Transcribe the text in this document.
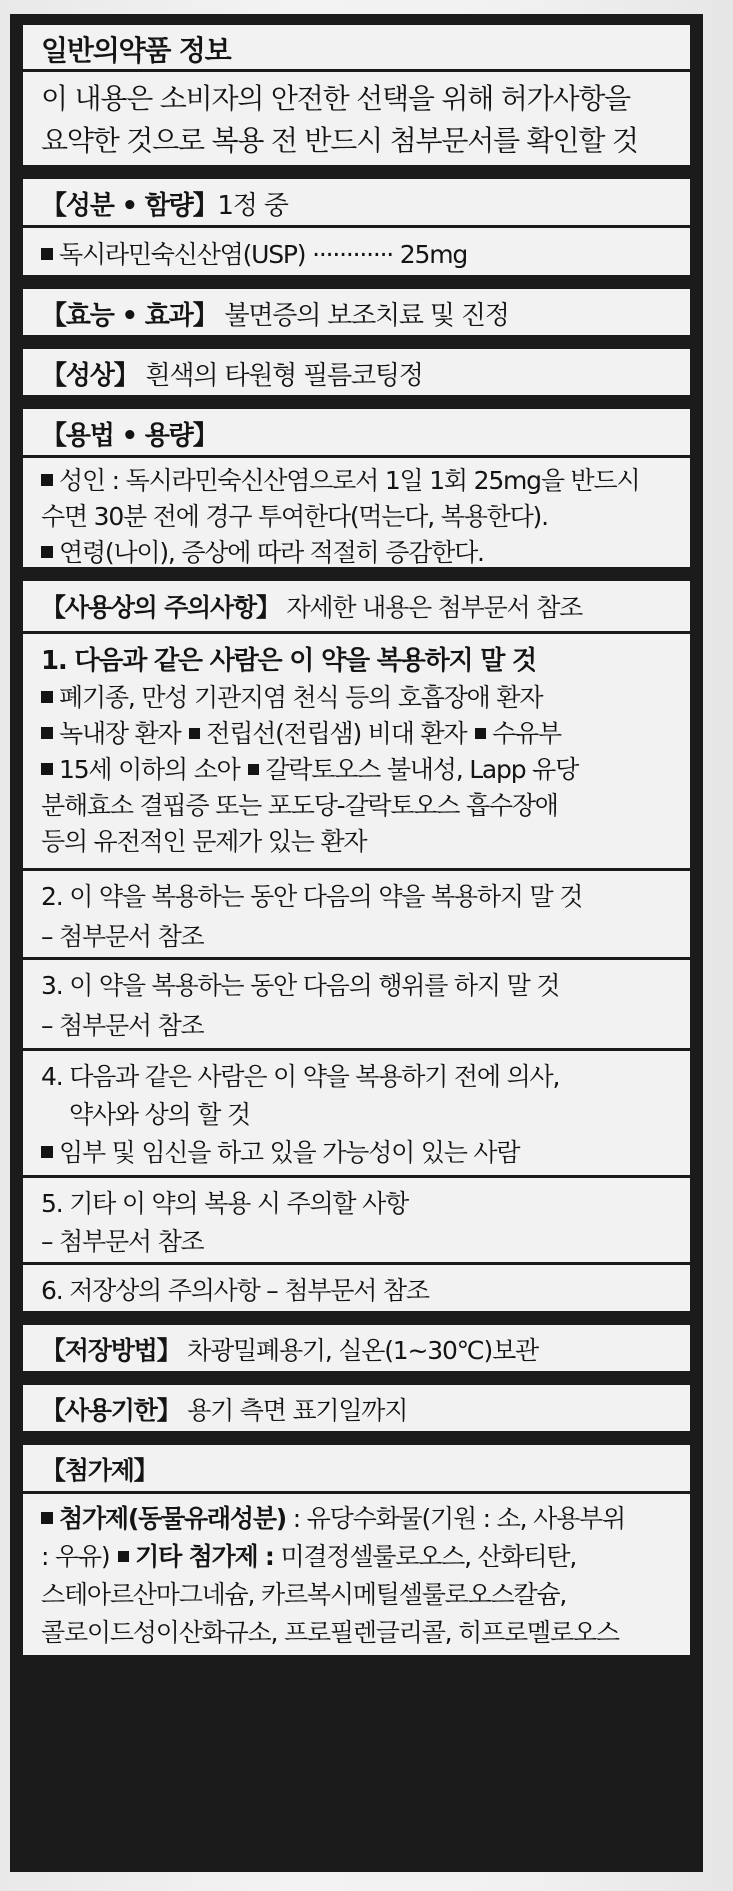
일반의약품 정보
이 내용은 소비자의 안전한 선택을 위해 허가사항을
요약한 것으로 복용 전 반드시 첨부문서를 확인할 것
【성분 • 함량】1정 중
독시라민숙신산염(USP) ············ 25mg
【효능 • 효과】 불면증의 보조치료 및 진정
【성상】 흰색의 타원형 필름코팅정
【용법 • 용량】
성인 : 독시라민숙신산염으로서 1일 1회 25mg을 반드시
수면 30분 전에 경구 투여한다(먹는다, 복용한다).
연령(나이), 증상에 따라 적절히 증감한다.
【사용상의 주의사항】 자세한 내용은 첨부문서 참조
1. 다음과 같은 사람은 이 약을 복용하지 말 것
폐기종, 만성 기관지염 천식 등의 호흡장애 환자
녹내장 환자 전립선(전립샘) 비대 환자 수유부
15세 이하의 소아 갈락토오스 불내성, Lapp 유당
분해효소 결핍증 또는 포도당-갈락토오스 흡수장애
등의 유전적인 문제가 있는 환자
2. 이 약을 복용하는 동안 다음의 약을 복용하지 말 것
– 첨부문서 참조
3. 이 약을 복용하는 동안 다음의 행위를 하지 말 것
– 첨부문서 참조
4. 다음과 같은 사람은 이 약을 복용하기 전에 의사,
약사와 상의 할 것
임부 및 임신을 하고 있을 가능성이 있는 사람
5. 기타 이 약의 복용 시 주의할 사항
– 첨부문서 참조
6. 저장상의 주의사항 – 첨부문서 참조
【저장방법】 차광밀폐용기, 실온(1~30℃)보관
【사용기한】 용기 측면 표기일까지
【첨가제】
첨가제(동물유래성분) : 유당수화물(기원 : 소, 사용부위
: 우유) 기타 첨가제 : 미결정셀룰로오스, 산화티탄,
스테아르산마그네슘, 카르복시메틸셀룰로오스칼슘,
콜로이드성이산화규소, 프로필렌글리콜, 히프로멜로오스
